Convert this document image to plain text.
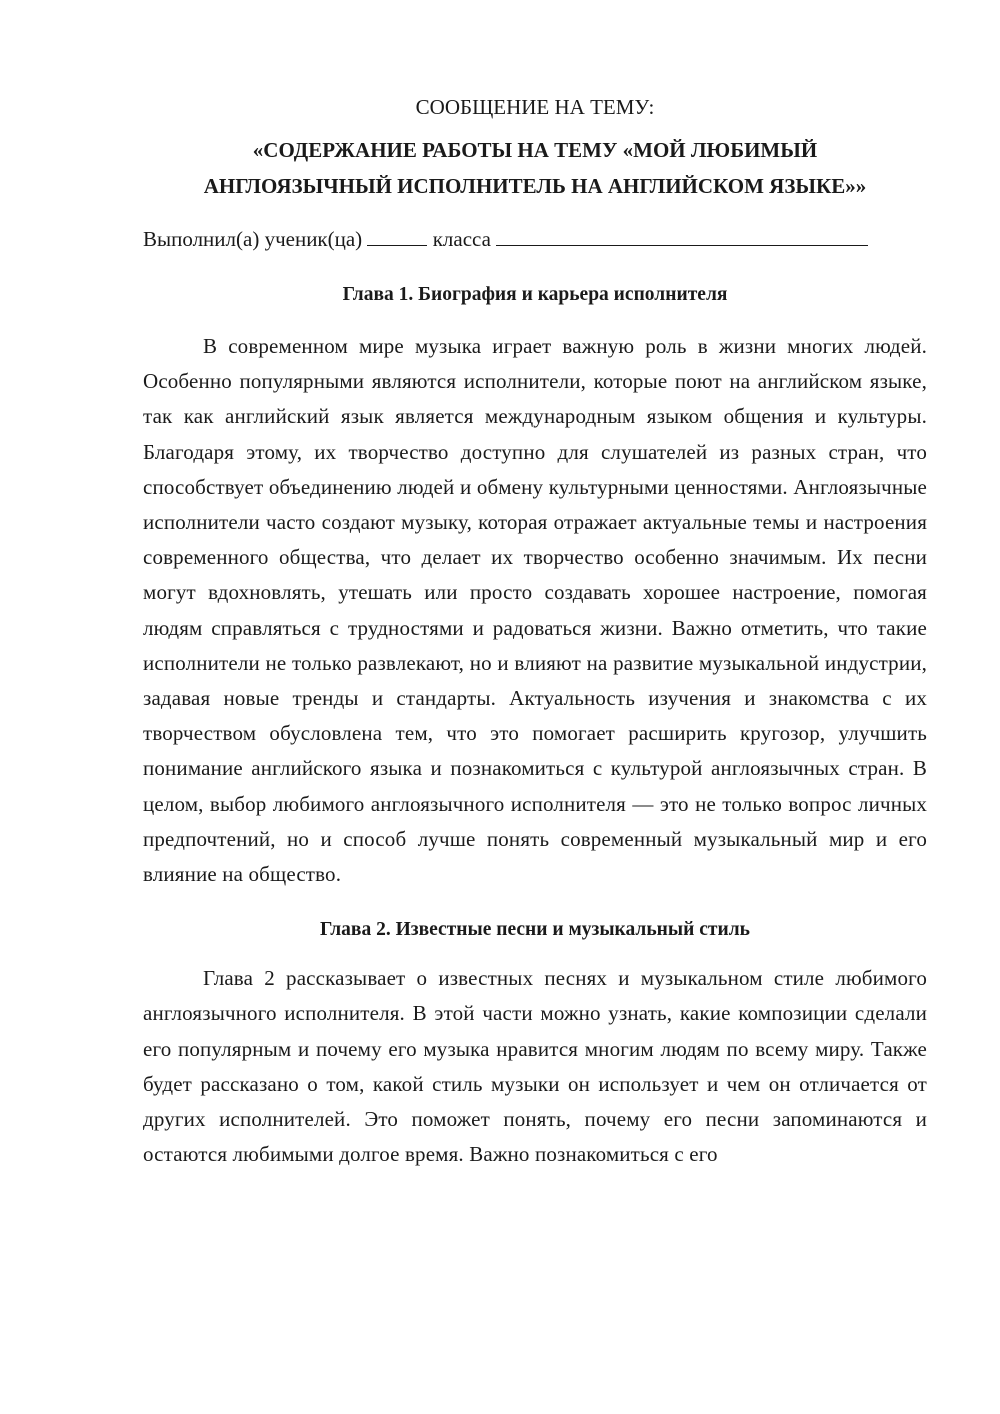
СООБЩЕНИЕ НА ТЕМУ:

«СОДЕРЖАНИЕ РАБОТЫ НА ТЕМУ «МОЙ ЛЮБИМЫЙ
АНГЛОЯЗЫЧНЫЙ ИСПОЛНИТЕЛЬ НА АНГЛИЙСКОМ ЯЗЫКЕ»»
Выполнил(а) ученик(ца)	класса
Глава 1. Биография и карьера исполнителя

В современном мире музыка играет важную роль в жизни многих людей. Особенно популярными являются исполнители, которые поют на английском языке, так как английский язык является международным языком общения и культуры. Благодаря этому, их творчество доступно для слушателей из разных стран, что способствует объединению людей и обмену культурными ценностями. Англоязычные исполнители часто создают музыку, которая отражает актуальные темы и настроения современного общества, что делает их творчество особенно значимым. Их песни могут вдохновлять, утешать или просто создавать хорошее настроение, помогая людям справляться с трудностями и радоваться жизни. Важно отметить, что такие исполнители не только развлекают, но и влияют на развитие музыкальной индустрии, задавая новые тренды и стандарты. Актуальность изучения и знакомства с их творчеством обусловлена тем, что это помогает расширить кругозор, улучшить понимание английского языка и познакомиться с культурой англоязычных стран. В целом, выбор любимого англоязычного исполнителя — это не только вопрос личных предпочтений, но и способ лучше понять современный музыкальный мир и его влияние на общество.

Глава 2. Известные песни и музыкальный стиль

Глава 2 рассказывает о известных песнях и музыкальном стиле любимого англоязычного исполнителя. В этой части можно узнать, какие композиции сделали его популярным и почему его музыка нравится многим людям по всему миру. Также будет рассказано о том, какой стиль музыки он использует и чем он отличается от других исполнителей. Это поможет понять, почему его песни запоминаются и остаются любимыми долгое время. Важно познакомиться с его
